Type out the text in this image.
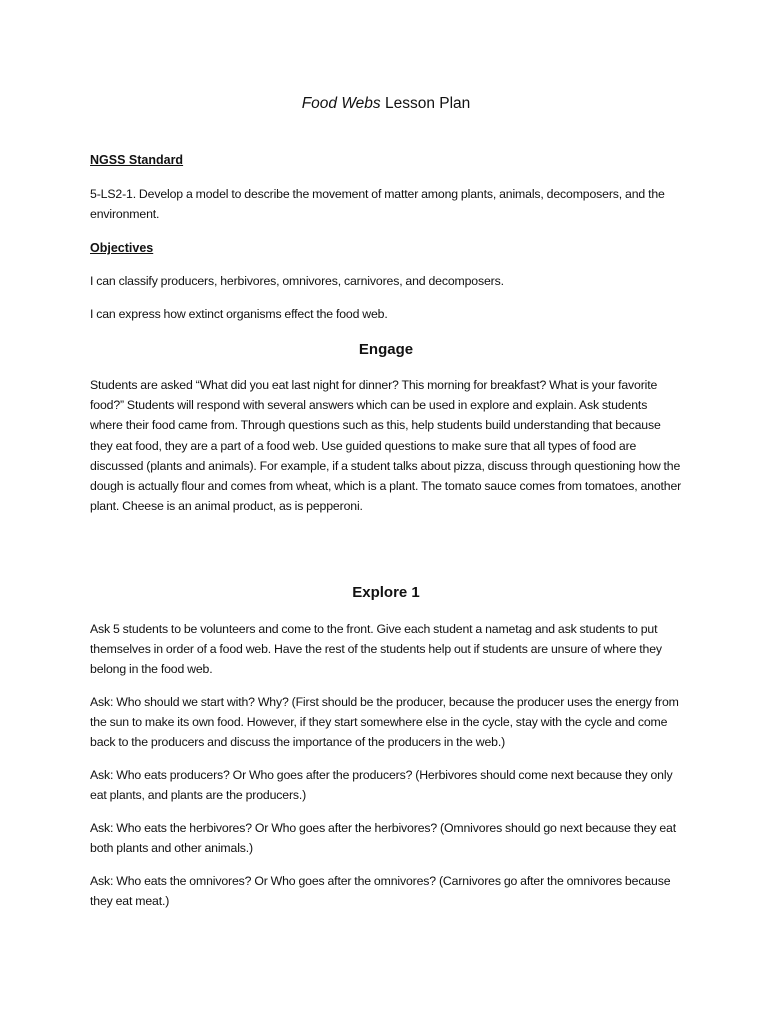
Food Webs Lesson Plan
NGSS Standard
5-LS2-1. Develop a model to describe the movement of matter among plants, animals, decomposers, and the environment.
Objectives
I can classify producers, herbivores, omnivores, carnivores, and decomposers.
I can express how extinct organisms effect the food web.
Engage
Students are asked “What did you eat last night for dinner? This morning for breakfast? What is your favorite food?” Students will respond with several answers which can be used in explore and explain. Ask students where their food came from. Through questions such as this, help students build understanding that because they eat food, they are a part of a food web. Use guided questions to make sure that all types of food are discussed (plants and animals). For example, if a student talks about pizza, discuss through questioning how the dough is actually flour and comes from wheat, which is a plant. The tomato sauce comes from tomatoes, another plant. Cheese is an animal product, as is pepperoni.
Explore 1
Ask 5 students to be volunteers and come to the front. Give each student a nametag and ask students to put themselves in order of a food web. Have the rest of the students help out if students are unsure of where they belong in the food web.
Ask: Who should we start with? Why? (First should be the producer, because the producer uses the energy from the sun to make its own food. However, if they start somewhere else in the cycle, stay with the cycle and come back to the producers and discuss the importance of the producers in the web.)
Ask: Who eats producers? Or Who goes after the producers? (Herbivores should come next because they only eat plants, and plants are the producers.)
Ask: Who eats the herbivores? Or Who goes after the herbivores? (Omnivores should go next because they eat both plants and other animals.)
Ask: Who eats the omnivores? Or Who goes after the omnivores? (Carnivores go after the omnivores because they eat meat.)
